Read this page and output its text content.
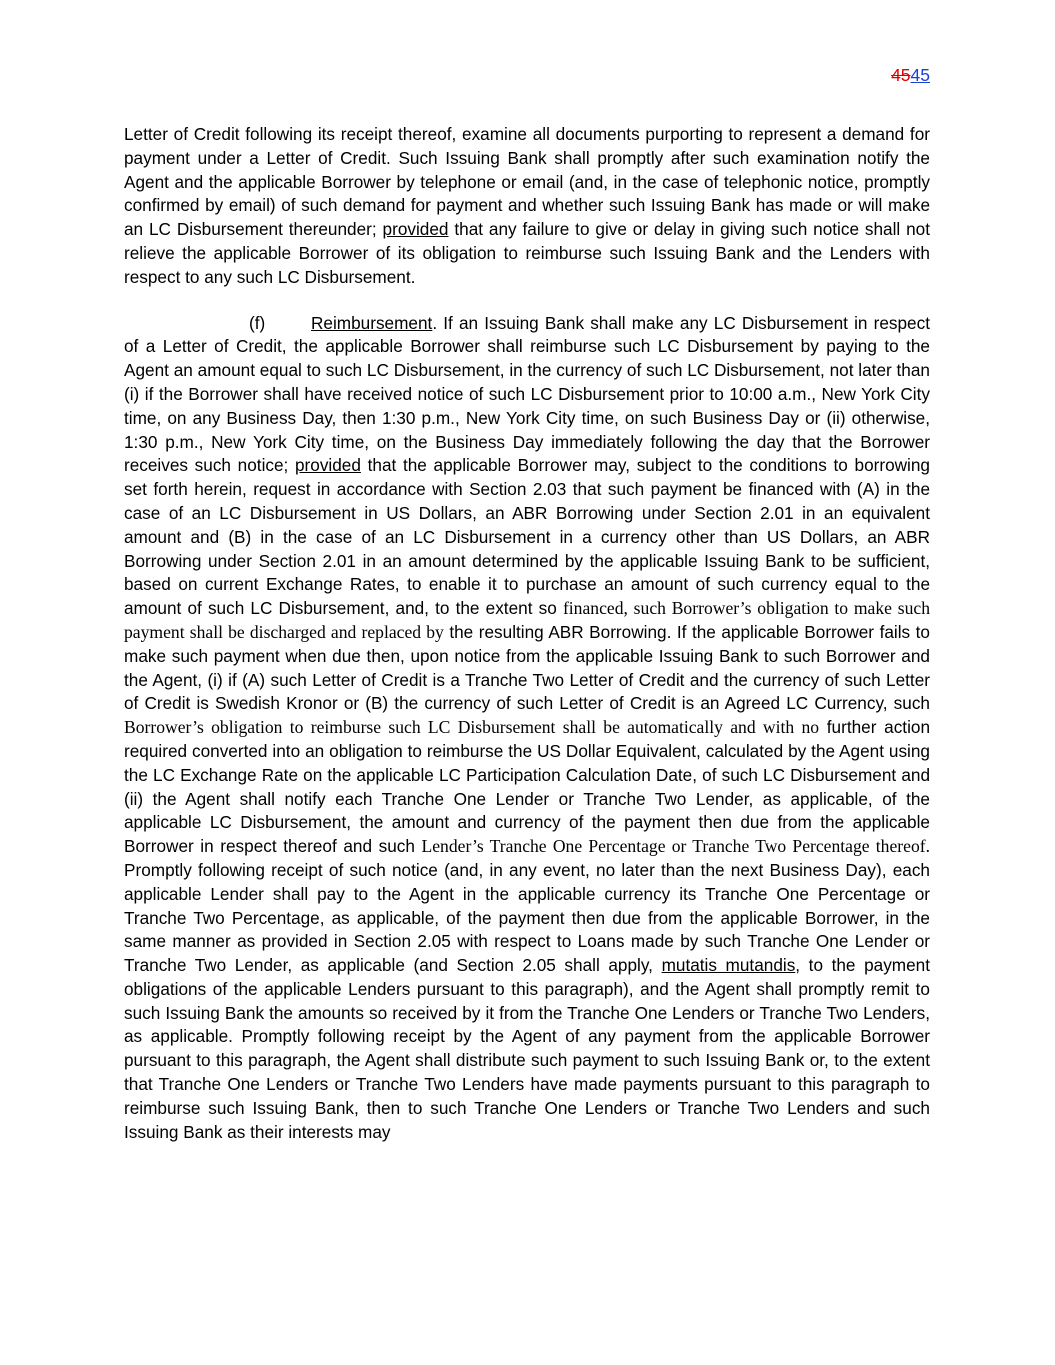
4545

Letter of Credit following its receipt thereof, examine all documents purporting to represent a demand for payment under a Letter of Credit. Such Issuing Bank shall promptly after such examination notify the Agent and the applicable Borrower by telephone or email (and, in the case of telephonic notice, promptly confirmed by email) of such demand for payment and whether such Issuing Bank has made or will make an LC Disbursement thereunder; provided that any failure to give or delay in giving such notice shall not relieve the applicable Borrower of its obligation to reimburse such Issuing Bank and the Lenders with respect to any such LC Disbursement.

(f)	Reimbursement. If an Issuing Bank shall make any LC Disbursement in respect of a Letter of Credit, the applicable Borrower shall reimburse such LC Disbursement by paying to the Agent an amount equal to such LC Disbursement, in the currency of such LC Disbursement, not later than (i) if the Borrower shall have received notice of such LC Disbursement prior to 10:00 a.m., New York City time, on any Business Day, then 1:30 p.m., New York City time, on such Business Day or (ii) otherwise, 1:30 p.m., New York City time, on the Business Day immediately following the day that the Borrower receives such notice; provided that the applicable Borrower may, subject to the conditions to borrowing set forth herein, request in accordance with Section 2.03 that such payment be financed with (A) in the case of an LC Disbursement in US Dollars, an ABR Borrowing under Section 2.01 in an equivalent amount and (B) in the case of an LC Disbursement in a currency other than US Dollars, an ABR Borrowing under Section 2.01 in an amount determined by the applicable Issuing Bank to be sufficient, based on current Exchange Rates, to enable it to purchase an amount of such currency equal to the amount of such LC Disbursement, and, to the extent so financed, such Borrower’s obligation to make such payment shall be discharged and replaced by the resulting ABR Borrowing. If the applicable Borrower fails to make such payment when due then, upon notice from the applicable Issuing Bank to such Borrower and the Agent, (i) if (A) such Letter of Credit is a Tranche Two Letter of Credit and the currency of such Letter of Credit is Swedish Kronor or (B) the currency of such Letter of Credit is an Agreed LC Currency, such Borrower’s obligation to reimburse such LC Disbursement shall be automatically and with no further action required converted into an obligation to reimburse the US Dollar Equivalent, calculated by the Agent using the LC Exchange Rate on the applicable LC Participation Calculation Date, of such LC Disbursement and (ii) the Agent shall notify each Tranche One Lender or Tranche Two Lender, as applicable, of the applicable LC Disbursement, the amount and currency of the payment then due from the applicable Borrower in respect thereof and such Lender’s Tranche One Percentage or Tranche Two Percentage thereof. Promptly following receipt of such notice (and, in any event, no later than the next Business Day), each applicable Lender shall pay to the Agent in the applicable currency its Tranche One Percentage or Tranche Two Percentage, as applicable, of the payment then due from the applicable Borrower, in the same manner as provided in Section 2.05 with respect to Loans made by such Tranche One Lender or Tranche Two Lender, as applicable (and Section 2.05 shall apply, mutatis mutandis, to the payment obligations of the applicable Lenders pursuant to this paragraph), and the Agent shall promptly remit to such Issuing Bank the amounts so received by it from the Tranche One Lenders or Tranche Two Lenders, as applicable. Promptly following receipt by the Agent of any payment from the applicable Borrower pursuant to this paragraph, the Agent shall distribute such payment to such Issuing Bank or, to the extent that Tranche One Lenders or Tranche Two Lenders have made payments pursuant to this paragraph to reimburse such Issuing Bank, then to such Tranche One Lenders or Tranche Two Lenders and such Issuing Bank as their interests may
